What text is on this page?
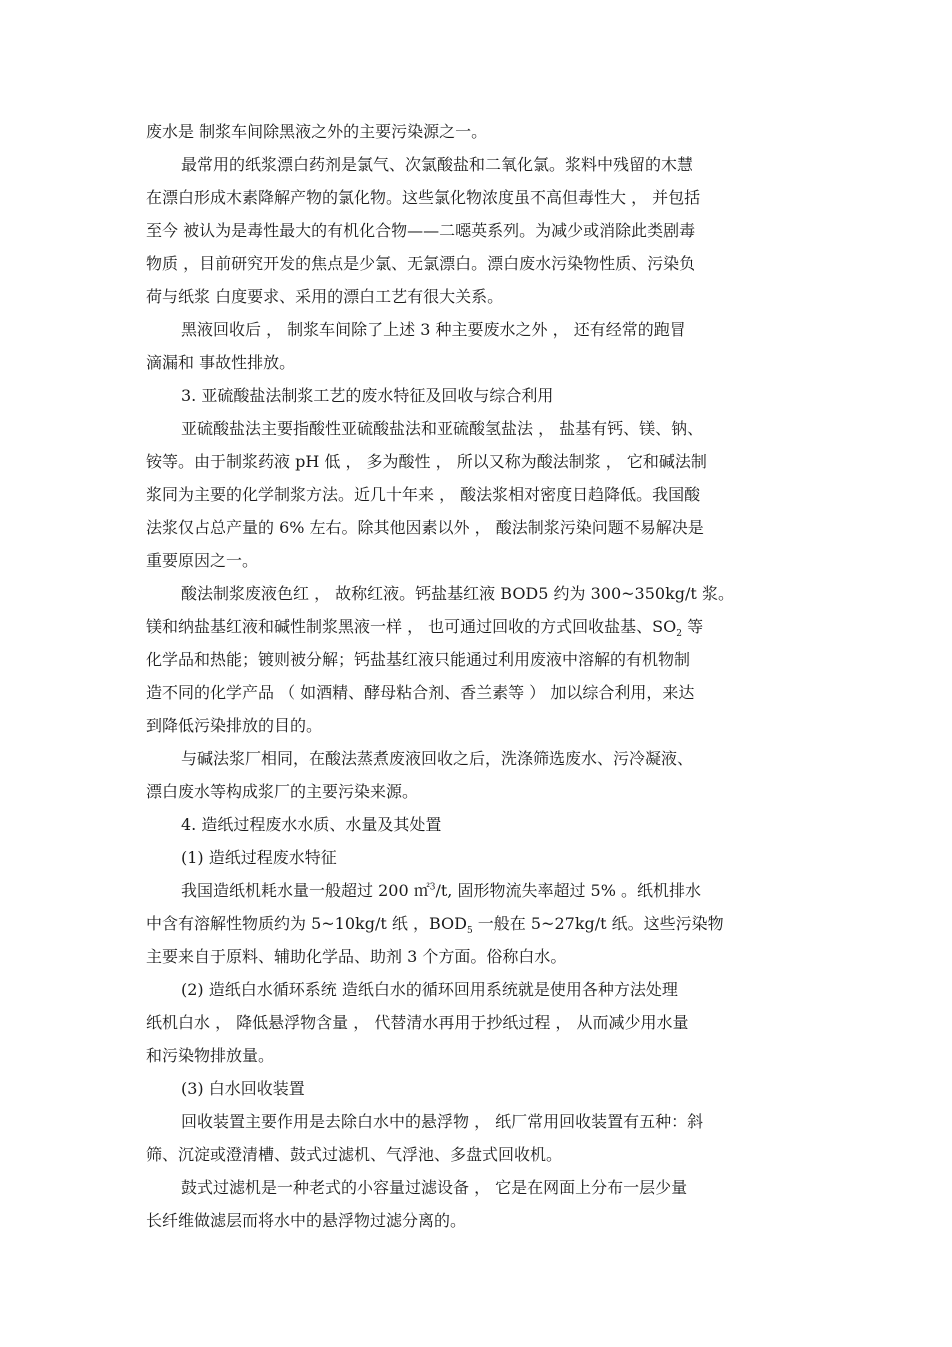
废水是 制浆车间除黑液之外的主要污染源之一。
最常用的纸浆漂白药剂是氯气、次氯酸盐和二氧化氯。浆料中残留的木慧
在漂白形成木素降解产物的氯化物。这些氯化物浓度虽不高但毒性大 ， 并包括
至今 被认为是毒性最大的有机化合物——二噁英系列。为减少或消除此类剧毒
物质 ，目前研究开发的焦点是少氯、无氯漂白。漂白废水污染物性质、污染负
荷与纸浆 白度要求、采用的漂白工艺有很大关系。
黑液回收后 ， 制浆车间除了上述 3 种主要废水之外 ， 还有经常的跑冒
滴漏和 事故性排放。
3. 亚硫酸盐法制浆工艺的废水特征及回收与综合利用
亚硫酸盐法主要指酸性亚硫酸盐法和亚硫酸氢盐法 ， 盐基有钙、镁、钠、
铵等。由于制浆药液 pH 低 ， 多为酸性 ， 所以又称为酸法制浆 ， 它和碱法制
浆同为主要的化学制浆方法。近几十年来 ， 酸法浆相对密度日趋降低。我国酸
法浆仅占总产量的 6% 左右。除其他因素以外 ， 酸法制浆污染问题不易解决是
重要原因之一。
酸法制浆废液色红 ， 故称红液。钙盐基红液 BOD5 约为 300~350kg/t 浆。
镁和纳盐基红液和碱性制浆黑液一样 ， 也可通过回收的方式回收盐基、$SO_2$ 等
化学品和热能；镀则被分解；钙盐基红液只能通过利用废液中溶解的有机物制
造不同的化学产品 （ 如酒精、酵母粘合剂、香兰素等 ） 加以综合利用，来达
到降低污染排放的目的。
与碱法浆厂相同，在酸法蒸煮废液回收之后，洗涤筛选废水、污冷凝液、
漂白废水等构成浆厂的主要污染来源。
4. 造纸过程废水水质、水量及其处置
(1) 造纸过程废水特征
我国造纸机耗水量一般超过 200 ㎡$^3$/t, 固形物流失率超过 5% 。纸机排水
中含有溶解性物质约为 5~10kg/t 纸 ，$BOD_5$ 一般在 5~27kg/t 纸。这些污染物
主要来自于原料、辅助化学品、助剂 3 个方面。俗称白水。
(2) 造纸白水循环系统 造纸白水的循环回用系统就是使用各种方法处理
纸机白水 ， 降低悬浮物含量 ， 代替清水再用于抄纸过程 ， 从而减少用水量
和污染物排放量。
(3) 白水回收装置
回收装置主要作用是去除白水中的悬浮物 ， 纸厂常用回收装置有五种：斜
筛、沉淀或澄清槽、鼓式过滤机、气浮池、多盘式回收机。
鼓式过滤机是一种老式的小容量过滤设备 ， 它是在网面上分布一层少量
长纤维做滤层而将水中的悬浮物过滤分离的。
